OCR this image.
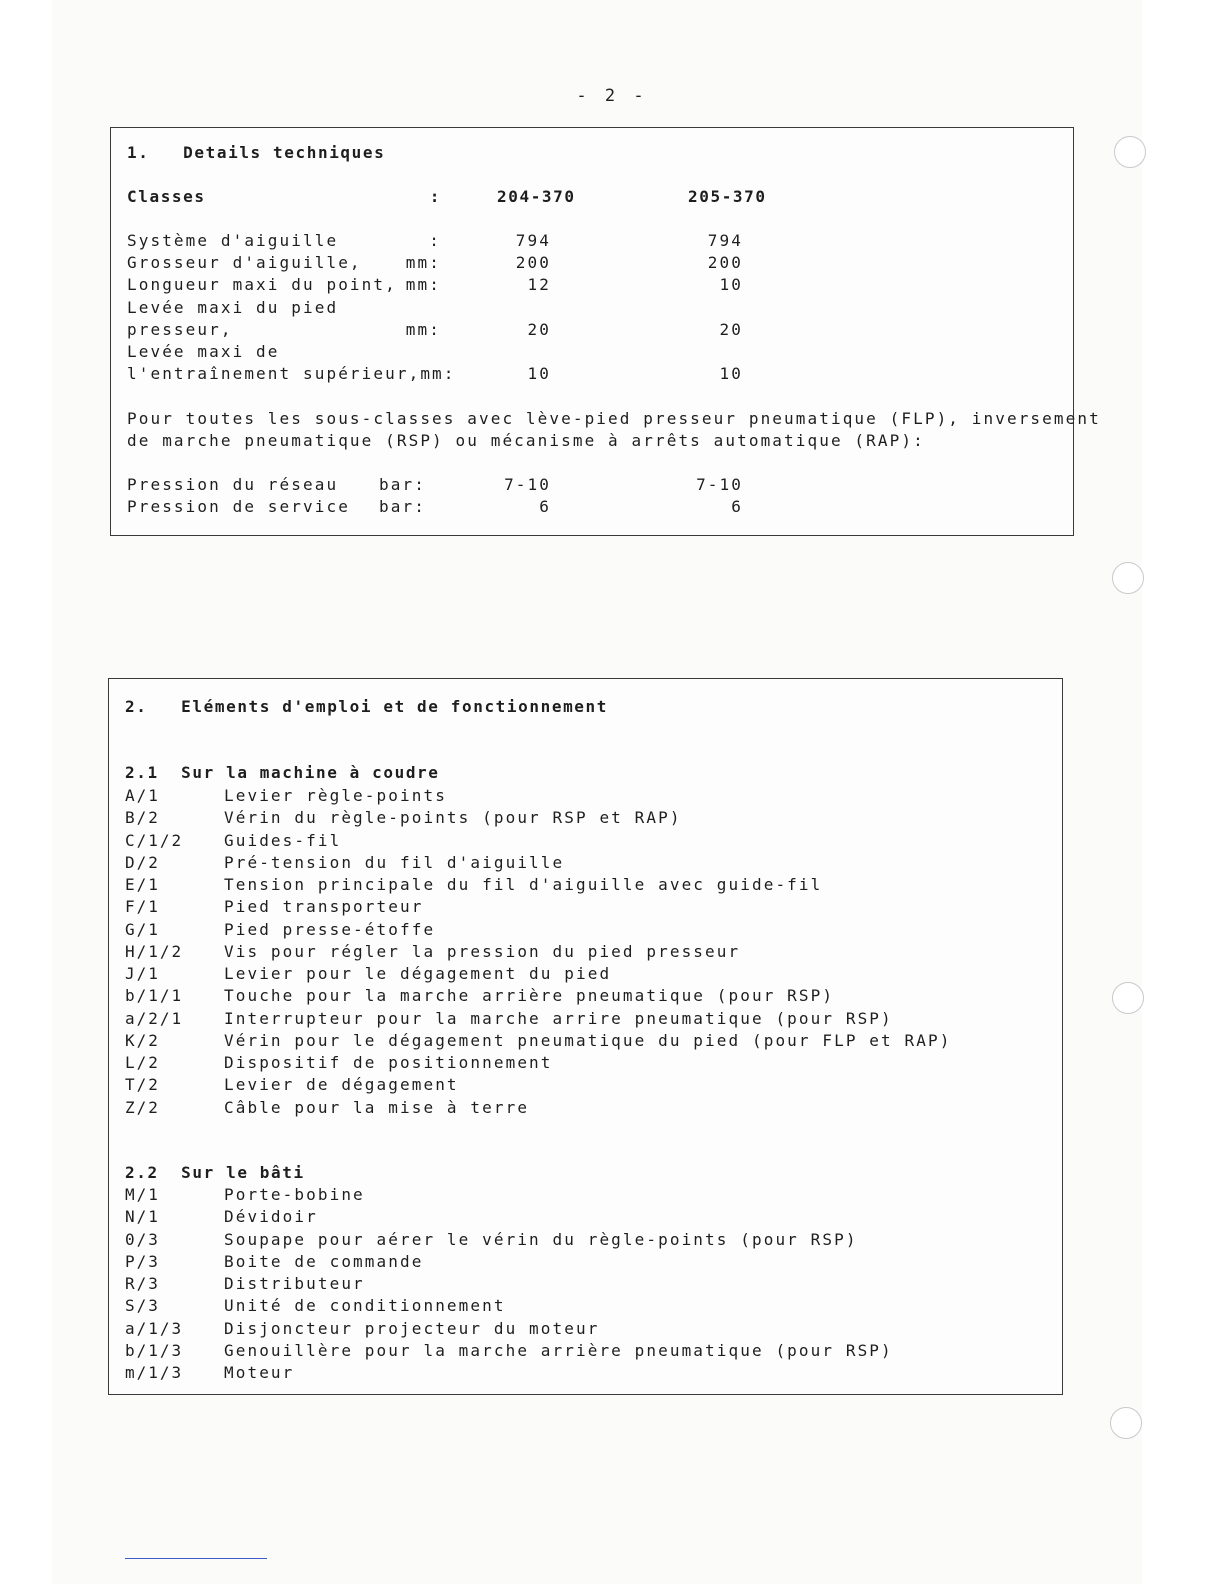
- 2 -
1.   Details techniques
Classes	:	204-370	205-370
Système d'aiguille	:	794	794
Grosseur d'aiguille,	mm:	200	200
Longueur maxi du point, mm:	12	10
Levée maxi du pied
presseur,	mm:	20	20
Levée maxi de
l'entraînement supérieur,mm:	10	10
Pour toutes les sous-classes avec lève-pied presseur pneumatique (FLP), inversement
de marche pneumatique (RSP) ou mécanisme à arrêts automatique (RAP):
Pression du réseau	bar:	7-10	7-10
Pression de service bar:	6	6
2.   Eléments d'emploi et de fonctionnement
2.1  Sur la machine à coudre
A/1	Levier règle-points
B/2	Vérin du règle-points (pour RSP et RAP)
C/1/2	Guides-fil
D/2	Pré-tension du fil d'aiguille
E/1	Tension principale du fil d'aiguille avec guide-fil
F/1	Pied transporteur
G/1	Pied presse-étoffe
H/1/2	Vis pour régler la pression du pied presseur
J/1	Levier pour le dégagement du pied
b/1/1	Touche pour la marche arrière pneumatique (pour RSP)
a/2/1	Interrupteur pour la marche arrire pneumatique (pour RSP)
K/2	Vérin pour le dégagement pneumatique du pied (pour FLP et RAP)
L/2	Dispositif de positionnement
T/2	Levier de dégagement
Z/2	Câble pour la mise à terre
2.2  Sur le bâti
M/1	Porte-bobine
N/1	Dévidoir
0/3	Soupape pour aérer le vérin du règle-points (pour RSP)
P/3	Boite de commande
R/3	Distributeur
S/3	Unité de conditionnement
a/1/3	Disjoncteur projecteur du moteur
b/1/3	Genouillère pour la marche arrière pneumatique (pour RSP)
m/1/3	Moteur
